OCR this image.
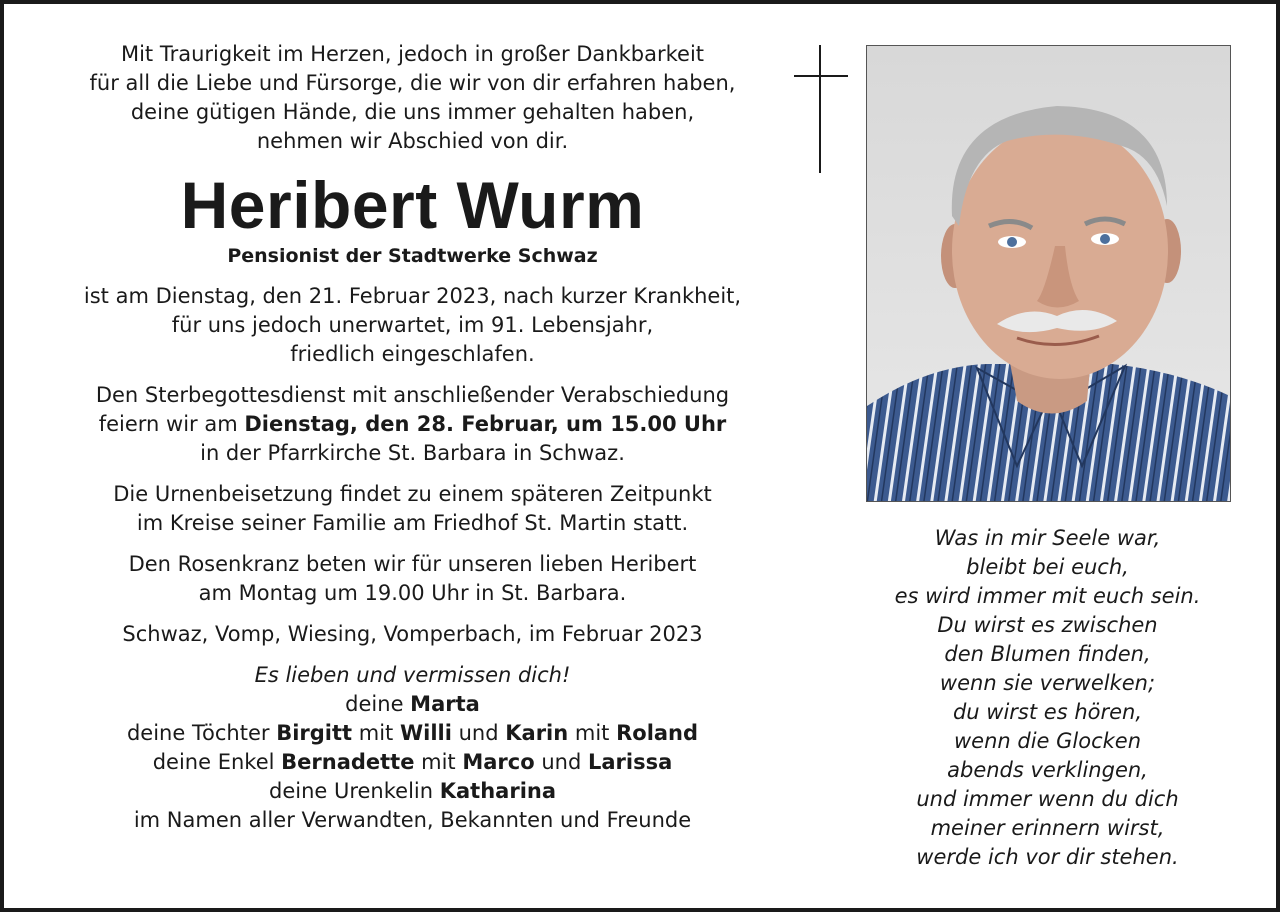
Mit Traurigkeit im Herzen, jedoch in großer Dankbarkeit

für all die Liebe und Fürsorge, die wir von dir erfahren haben,

deine gütigen Hände, die uns immer gehalten haben,

nehmen wir Abschied von dir.

Heribert Wurm

Pensionist der Stadtwerke Schwaz

ist am Dienstag, den 21. Februar 2023, nach kurzer Krankheit,

für uns jedoch unerwartet, im 91. Lebensjahr,

friedlich eingeschlafen.

Den Sterbegottesdienst mit anschließender Verabschiedung

feiern wir am Dienstag, den 28. Februar, um 15.00 Uhr

in der Pfarrkirche St. Barbara in Schwaz.

Die Urnenbeisetzung findet zu einem späteren Zeitpunkt

im Kreise seiner Familie am Friedhof St. Martin statt.

Den Rosenkranz beten wir für unseren lieben Heribert

am Montag um 19.00 Uhr in St. Barbara.

Schwaz, Vomp, Wiesing, Vomperbach, im Februar 2023

Es lieben und vermissen dich!

deine Marta

deine Töchter Birgitt mit Willi und Karin mit Roland

deine Enkel Bernadette mit Marco und Larissa

deine Urenkelin Katharina

im Namen aller Verwandten, Bekannten und Freunde

Was in mir Seele war,
bleibt bei euch,
es wird immer mit euch sein.
Du wirst es zwischen
den Blumen finden,
wenn sie verwelken;
du wirst es hören,
wenn die Glocken
abends verklingen,
und immer wenn du dich
meiner erinnern wirst,
werde ich vor dir stehen.
